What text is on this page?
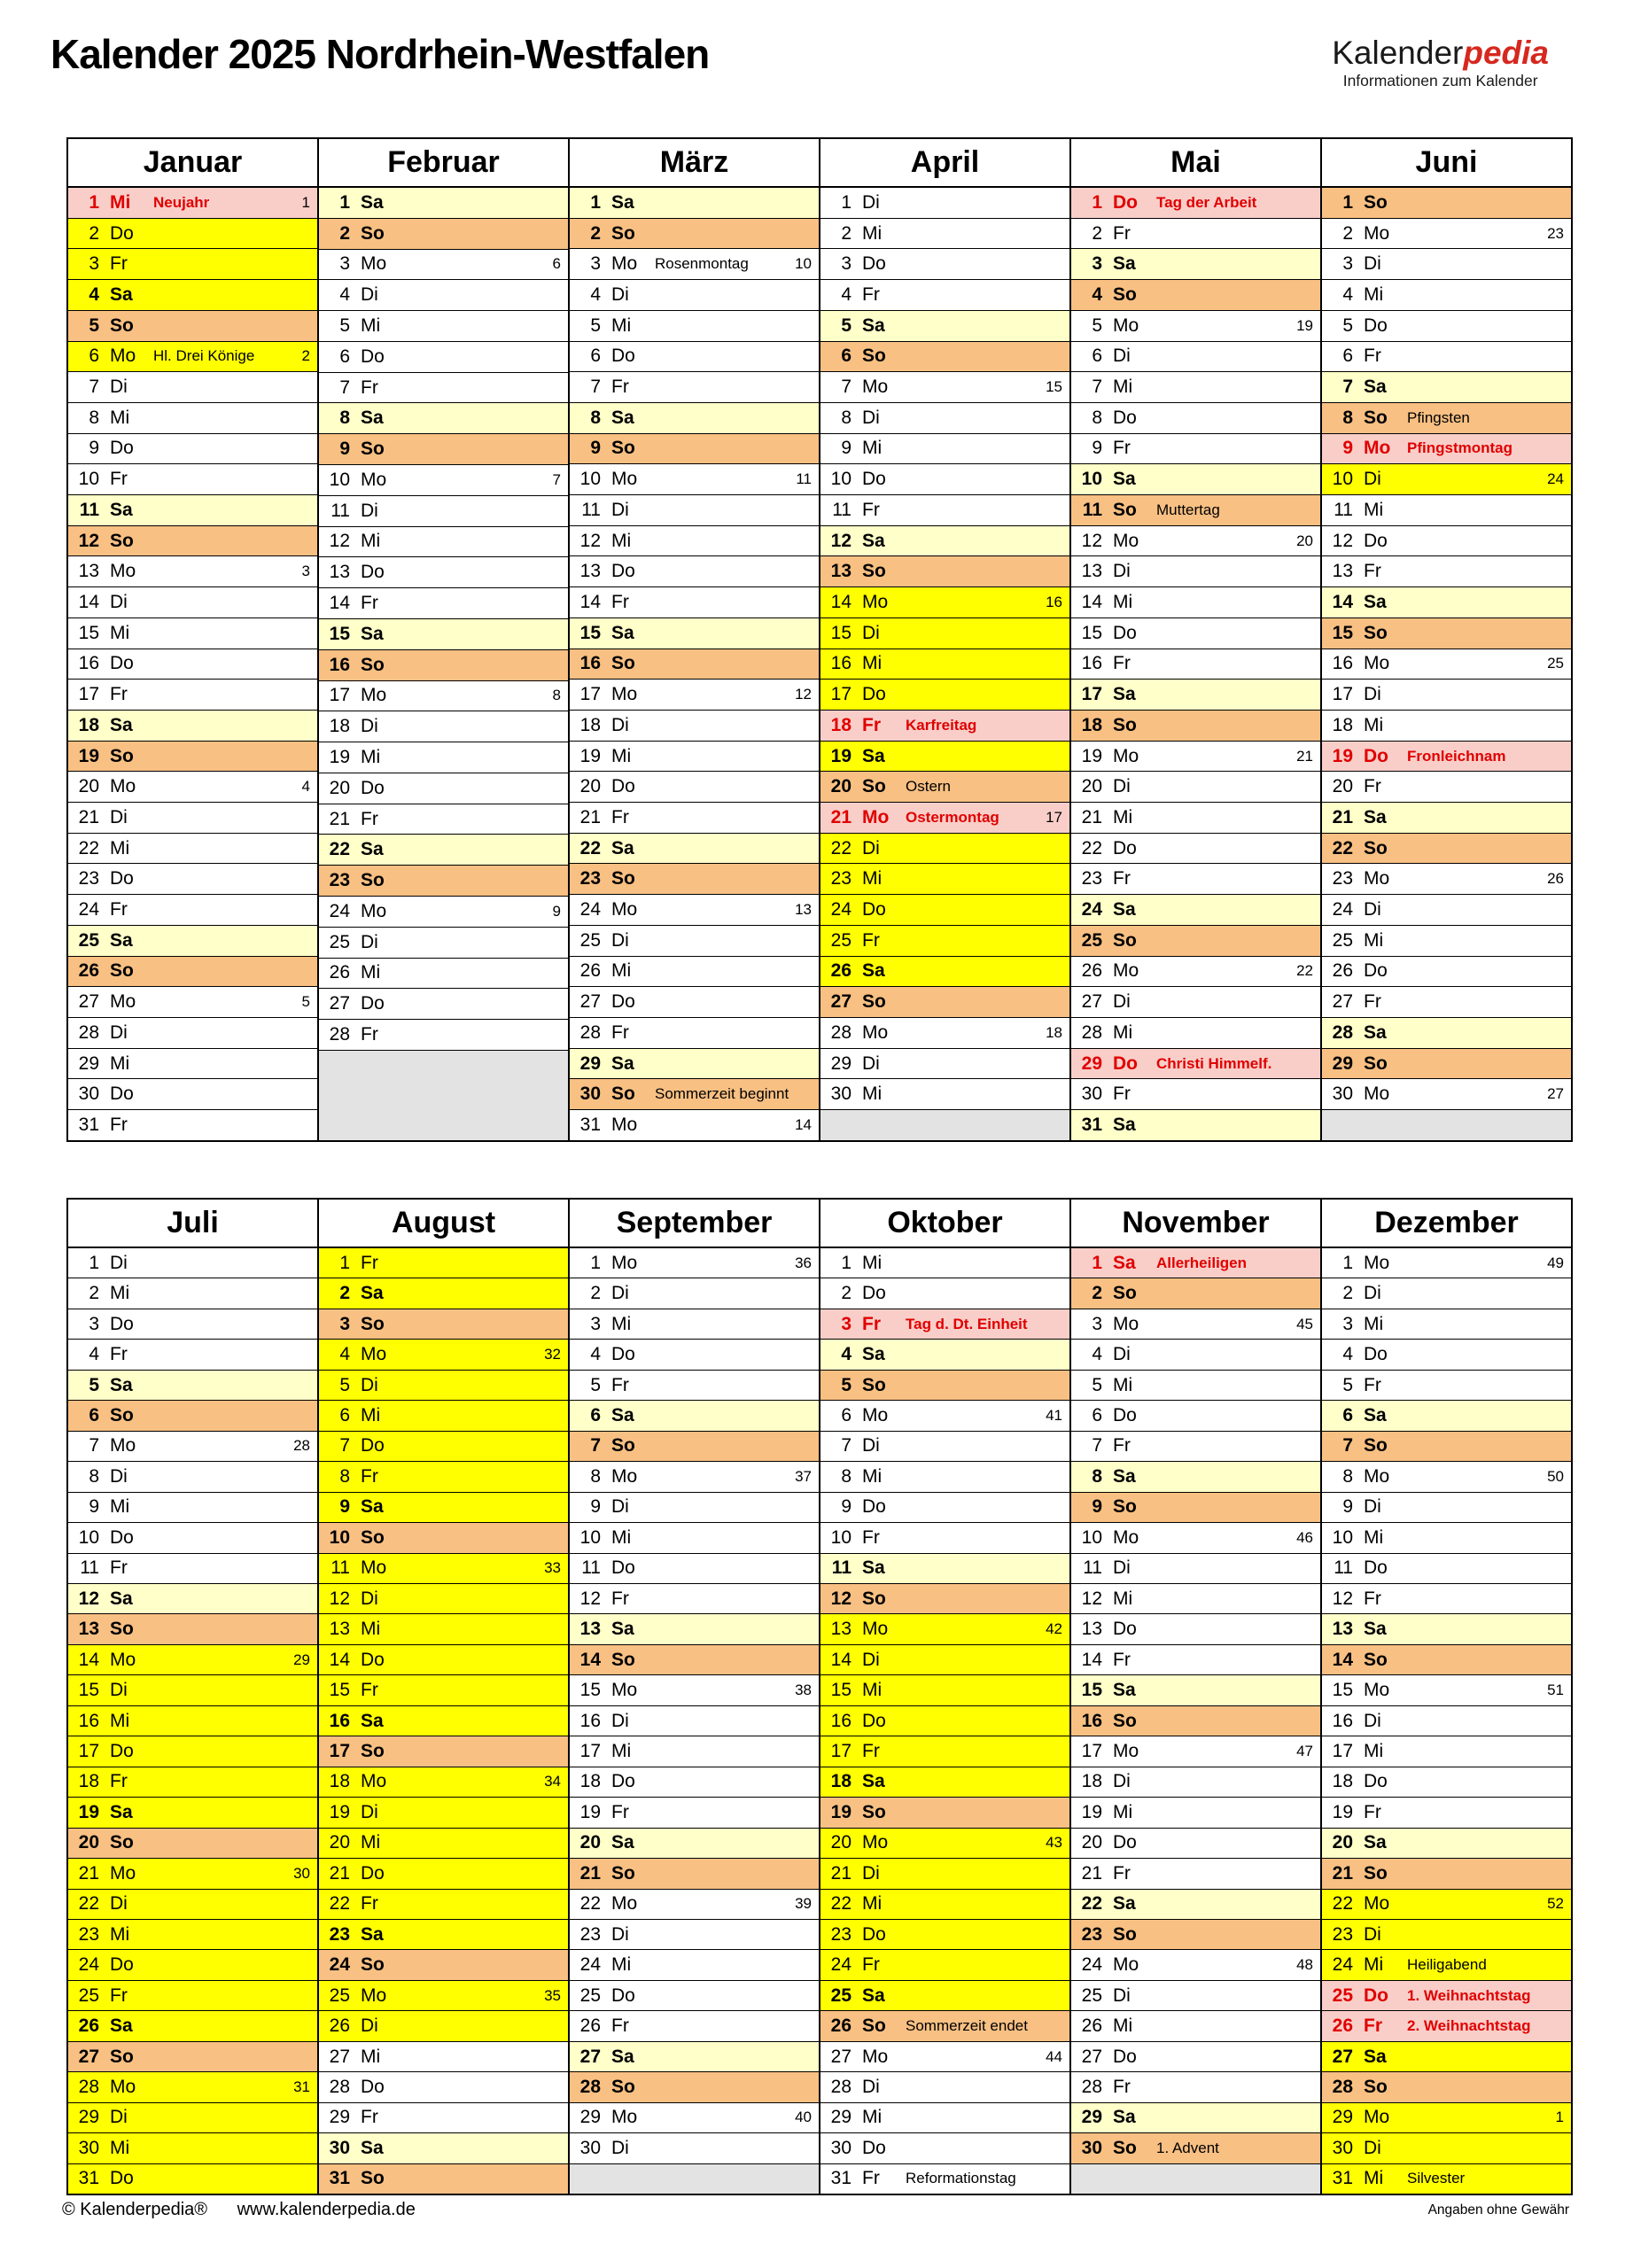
Kalender 2025 Nordrhein-Westfalen	Kalenderpedia
Informationen zum Kalender
Januar
1 Mi	Neujahr	1
2 Do
3 Fr
4 Sa
5 So
6 Mo	Hl. Drei Könige	2
7 Di
8 Mi
9 Do
10 Fr
11 Sa
12 So
13 Mo	3
14 Di
15 Mi
16 Do
17 Fr
18 Sa
19 So
20 Mo	4
21 Di
22 Mi
23 Do
24 Fr
25 Sa
26 So
27 Mo	5
28 Di
29 Mi
30 Do
31 Fr
Februar
1 Sa
2 So
3 Mo	6
4 Di
5 Mi
6 Do
7 Fr
8 Sa
9 So
10 Mo	7
11 Di
12 Mi
13 Do
14 Fr
15 Sa
16 So
17 Mo	8
18 Di
19 Mi
20 Do
21 Fr
22 Sa
23 So
24 Mo	9
25 Di
26 Mi
27 Do
28 Fr
März
1 Sa
2 So
3 Mo	Rosenmontag	10
4 Di
5 Mi
6 Do
7 Fr
8 Sa
9 So
10 Mo	11
11 Di
12 Mi
13 Do
14 Fr
15 Sa
16 So
17 Mo	12
18 Di
19 Mi
20 Do
21 Fr
22 Sa
23 So
24 Mo	13
25 Di
26 Mi
27 Do
28 Fr
29 Sa
30 So	Sommerzeit beginnt
31 Mo	14
April
1 Di
2 Mi
3 Do
4 Fr
5 Sa
6 So
7 Mo	15
8 Di
9 Mi
10 Do
11 Fr
12 Sa
13 So
14 Mo	16
15 Di
16 Mi
17 Do
18 Fr	Karfreitag
19 Sa
20 So	Ostern
21 Mo	Ostermontag	17
22 Di
23 Mi
24 Do
25 Fr
26 Sa
27 So
28 Mo	18
29 Di
30 Mi
Mai
1 Do	Tag der Arbeit
2 Fr
3 Sa
4 So
5 Mo	19
6 Di
7 Mi
8 Do
9 Fr
10 Sa
11 So	Muttertag
12 Mo	20
13 Di
14 Mi
15 Do
16 Fr
17 Sa
18 So
19 Mo	21
20 Di
21 Mi
22 Do
23 Fr
24 Sa
25 So
26 Mo	22
27 Di
28 Mi
29 Do	Christi Himmelf.
30 Fr
31 Sa
Juni
1 So
2 Mo	23
3 Di
4 Mi
5 Do
6 Fr
7 Sa
8 So	Pfingsten
9 Mo	Pfingstmontag
10 Di	24
11 Mi
12 Do
13 Fr
14 Sa
15 So
16 Mo	25
17 Di
18 Mi
19 Do	Fronleichnam
20 Fr
21 Sa
22 So
23 Mo	26
24 Di
25 Mi
26 Do
27 Fr
28 Sa
29 So
30 Mo	27
Juli
1 Di
2 Mi
3 Do
4 Fr
5 Sa
6 So
7 Mo	28
8 Di
9 Mi
10 Do
11 Fr
12 Sa
13 So
14 Mo	29
15 Di
16 Mi
17 Do
18 Fr
19 Sa
20 So
21 Mo	30
22 Di
23 Mi
24 Do
25 Fr
26 Sa
27 So
28 Mo	31
29 Di
30 Mi
31 Do
August
1 Fr
2 Sa
3 So
4 Mo	32
5 Di
6 Mi
7 Do
8 Fr
9 Sa
10 So
11 Mo	33
12 Di
13 Mi
14 Do
15 Fr
16 Sa
17 So
18 Mo	34
19 Di
20 Mi
21 Do
22 Fr
23 Sa
24 So
25 Mo	35
26 Di
27 Mi
28 Do
29 Fr
30 Sa
31 So
September
1 Mo	36
2 Di
3 Mi
4 Do
5 Fr
6 Sa
7 So
8 Mo	37
9 Di
10 Mi
11 Do
12 Fr
13 Sa
14 So
15 Mo	38
16 Di
17 Mi
18 Do
19 Fr
20 Sa
21 So
22 Mo	39
23 Di
24 Mi
25 Do
26 Fr
27 Sa
28 So
29 Mo	40
30 Di
Oktober
1 Mi
2 Do
3 Fr	Tag d. Dt. Einheit
4 Sa
5 So
6 Mo	41
7 Di
8 Mi
9 Do
10 Fr
11 Sa
12 So
13 Mo	42
14 Di
15 Mi
16 Do
17 Fr
18 Sa
19 So
20 Mo	43
21 Di
22 Mi
23 Do
24 Fr
25 Sa
26 So	Sommerzeit endet
27 Mo	44
28 Di
29 Mi
30 Do
31 Fr	Reformationstag
November
1 Sa	Allerheiligen
2 So
3 Mo	45
4 Di
5 Mi
6 Do
7 Fr
8 Sa
9 So
10 Mo	46
11 Di
12 Mi
13 Do
14 Fr
15 Sa
16 So
17 Mo	47
18 Di
19 Mi
20 Do
21 Fr
22 Sa
23 So
24 Mo	48
25 Di
26 Mi
27 Do
28 Fr
29 Sa
30 So	1. Advent
Dezember
1 Mo	49
2 Di
3 Mi
4 Do
5 Fr
6 Sa
7 So
8 Mo	50
9 Di
10 Mi
11 Do
12 Fr
13 Sa
14 So
15 Mo	51
16 Di
17 Mi
18 Do
19 Fr
20 Sa
21 So
22 Mo	52
23 Di
24 Mi	Heiligabend
25 Do	1. Weihnachtstag
26 Fr	2. Weihnachtstag
27 Sa
28 So
29 Mo	1
30 Di
31 Mi	Silvester
© Kalenderpedia® www.kalenderpedia.de	Angaben ohne Gewähr
